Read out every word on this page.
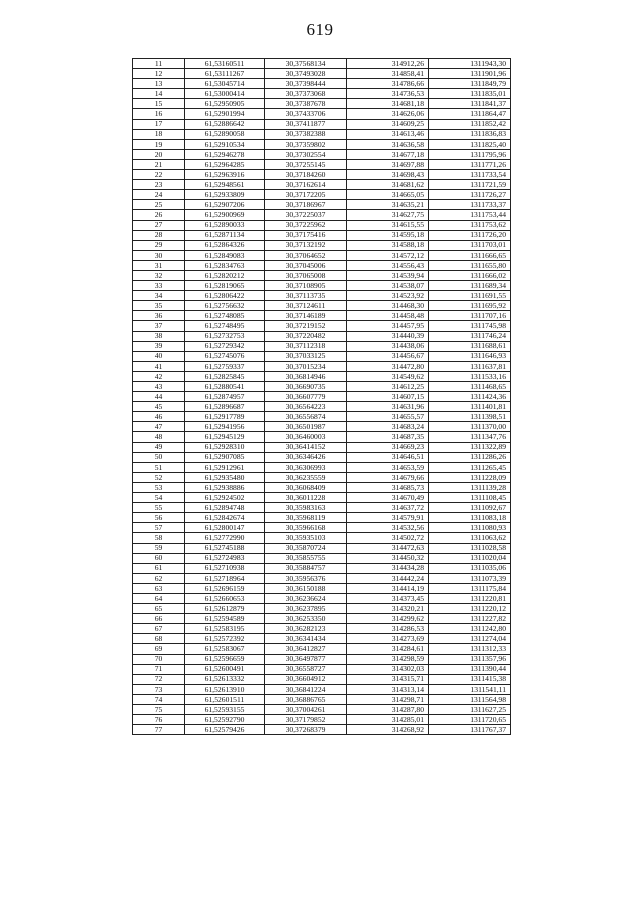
619
11	61,53160511	30,37568134	314912,26	1311943,30
12	61,53111267	30,37493028	314858,41	1311901,96
13	61,53045714	30,37398444	314786,66	1311849,79
14	61,53000414	30,37373068	314736,53	1311835,01
15	61,52950905	30,37387678	314681,18	1311841,37
16	61,52901994	30,37433706	314626,06	1311864,47
17	61,52886642	30,37411877	314609,25	1311852,42
18	61,52890058	30,37382388	314613,46	1311836,83
19	61,52910534	30,37359802	314636,58	1311825,40
20	61,52946278	30,37302554	314677,18	1311795,96
21	61,52964285	30,37255145	314697,88	1311771,26
22	61,52963916	30,37184260	314698,43	1311733,54
23	61,52948561	30,37162614	314681,62	1311721,59
24	61,52933809	30,37172205	314665,05	1311726,27
25	61,52907206	30,37186967	314635,21	1311733,37
26	61,52900969	30,37225037	314627,75	1311753,44
27	61,52890033	30,37225962	314615,55	1311753,62
28	61,52871134	30,37175416	314595,18	1311726,20
29	61,52864326	30,37132192	314588,18	1311703,01
30	61,52849083	30,37064652	314572,12	1311666,65
31	61,52834763	30,37045006	314556,43	1311655,80
32	61,52820212	30,37065008	314539,94	1311666,02
33	61,52819065	30,37108905	314538,07	1311689,34
34	61,52806422	30,37113735	314523,92	1311691,55
35	61,52756632	30,37124611	314468,30	1311695,92
36	61,52748085	30,37146189	314458,48	1311707,16
37	61,52748495	30,37219152	314457,95	1311745,98
38	61,52732753	30,37220482	314440,39	1311746,24
39	61,52729342	30,37112318	314438,06	1311688,61
40	61,52745076	30,37033125	314456,67	1311646,93
41	61,52759337	30,37015234	314472,80	1311637,81
42	61,52825845	30,36814946	314549,62	1311533,16
43	61,52880541	30,36690735	314612,25	1311468,65
44	61,52874957	30,36607779	314607,15	1311424,36
45	61,52896687	30,36564223	314631,96	1311401,81
46	61,52917789	30,36556874	314655,57	1311398,51
47	61,52941956	30,36501987	314683,24	1311370,00
48	61,52945129	30,36460003	314687,35	1311347,76
49	61,52928310	30,36414152	314669,23	1311322,89
50	61,52907085	30,36346426	314646,51	1311286,26
51	61,52912961	30,36306993	314653,59	1311265,45
52	61,52935480	30,36235559	314679,66	1311228,09
53	61,52938886	30,36068409	314685,73	1311139,28
54	61,52924502	30,36011228	314670,49	1311108,45
55	61,52894748	30,35983163	314637,72	1311092,67
56	61,52842674	30,35968119	314579,91	1311083,18
57	61,52800147	30,35966168	314532,56	1311080,93
58	61,52772990	30,35935103	314502,72	1311063,62
59	61,52745188	30,35870724	314472,63	1311028,58
60	61,52724983	30,35855755	314450,32	1311020,04
61	61,52710938	30,35884757	314434,28	1311035,06
62	61,52718964	30,35956376	314442,24	1311073,39
63	61,52696159	30,36150188	314414,19	1311175,84
64	61,52660653	30,36236624	314373,45	1311220,81
65	61,52612879	30,36237895	314320,21	1311220,12
66	61,52594589	30,36253350	314299,62	1311227,82
67	61,52583195	30,36282123	314286,53	1311242,80
68	61,52572392	30,36341434	314273,69	1311274,04
69	61,52583067	30,36412827	314284,61	1311312,33
70	61,52596659	30,36497877	314298,59	1311357,96
71	61,52600491	30,36558727	314302,03	1311390,44
72	61,52613332	30,36604912	314315,71	1311415,38
73	61,52613910	30,36841224	314313,14	1311541,11
74	61,52601511	30,36886765	314298,71	1311564,98
75	61,52593155	30,37004261	314287,80	1311627,25
76	61,52592790	30,37179852	314285,01	1311720,65
77	61,52579426	30,37268379	314268,92	1311767,37
